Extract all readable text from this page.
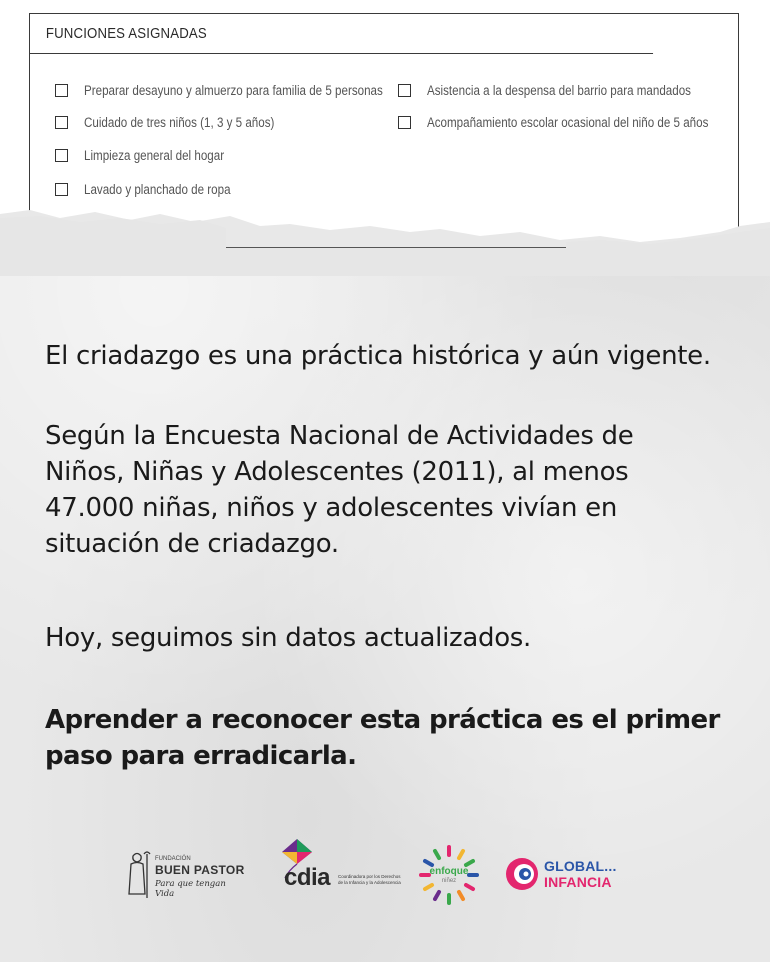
FUNCIONES ASIGNADAS
Preparar desayuno y almuerzo para familia de 5 personas
Cuidado de tres niños (1, 3 y 5 años)
Limpieza general del hogar
Lavado y planchado de ropa
Asistencia a la despensa del barrio para mandados
Acompañamiento escolar ocasional del niño de 5 años
El criadazgo es una práctica histórica y aún vigente.
Según la Encuesta Nacional de Actividades de
Niños, Niñas y Adolescentes (2011), al menos
47.000 niñas, niños y adolescentes vivían en
situación de criadazgo.
Hoy, seguimos sin datos actualizados.
Aprender a reconocer esta práctica es el primer
paso para erradicarla.
FUNDACIÓN
BUEN PASTOR
Para que tengan Vida
cdia Coordinadora por los Derechos
de la Infancia y la Adolescencia
enfoque
niñez
GLOBAL...
INFANCIA
